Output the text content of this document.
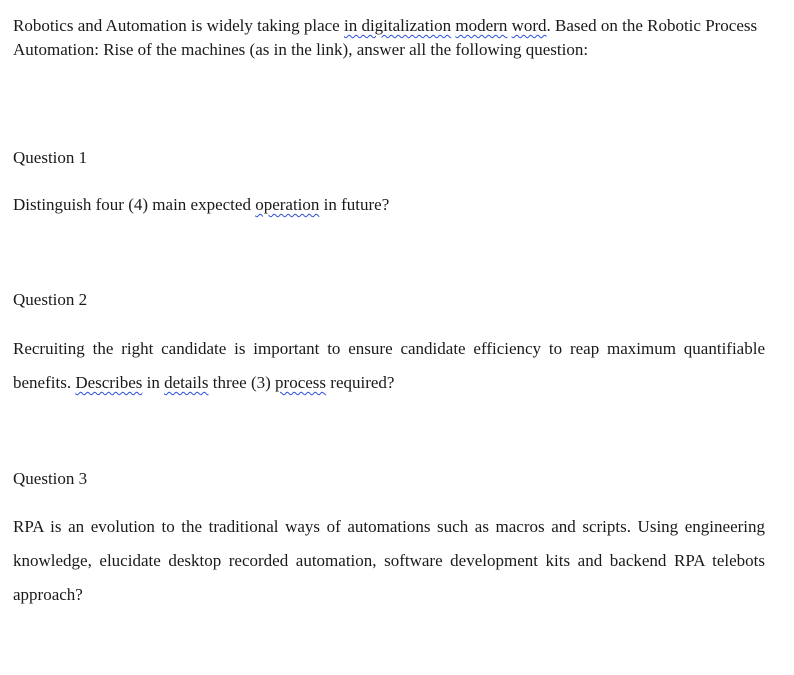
Robotics and Automation is widely taking place in digitalization modern word. Based on the Robotic Process Automation: Rise of the machines (as in the link), answer all the following question:

Question 1

Distinguish four (4) main expected operation in future?

Question 2

Recruiting the right candidate is important to ensure candidate efficiency to reap maximum quantifiable benefits. Describes in details three (3) process required?

Question 3

RPA is an evolution to the traditional ways of automations such as macros and scripts. Using engineering knowledge, elucidate desktop recorded automation, software development kits and backend RPA telebots approach?
